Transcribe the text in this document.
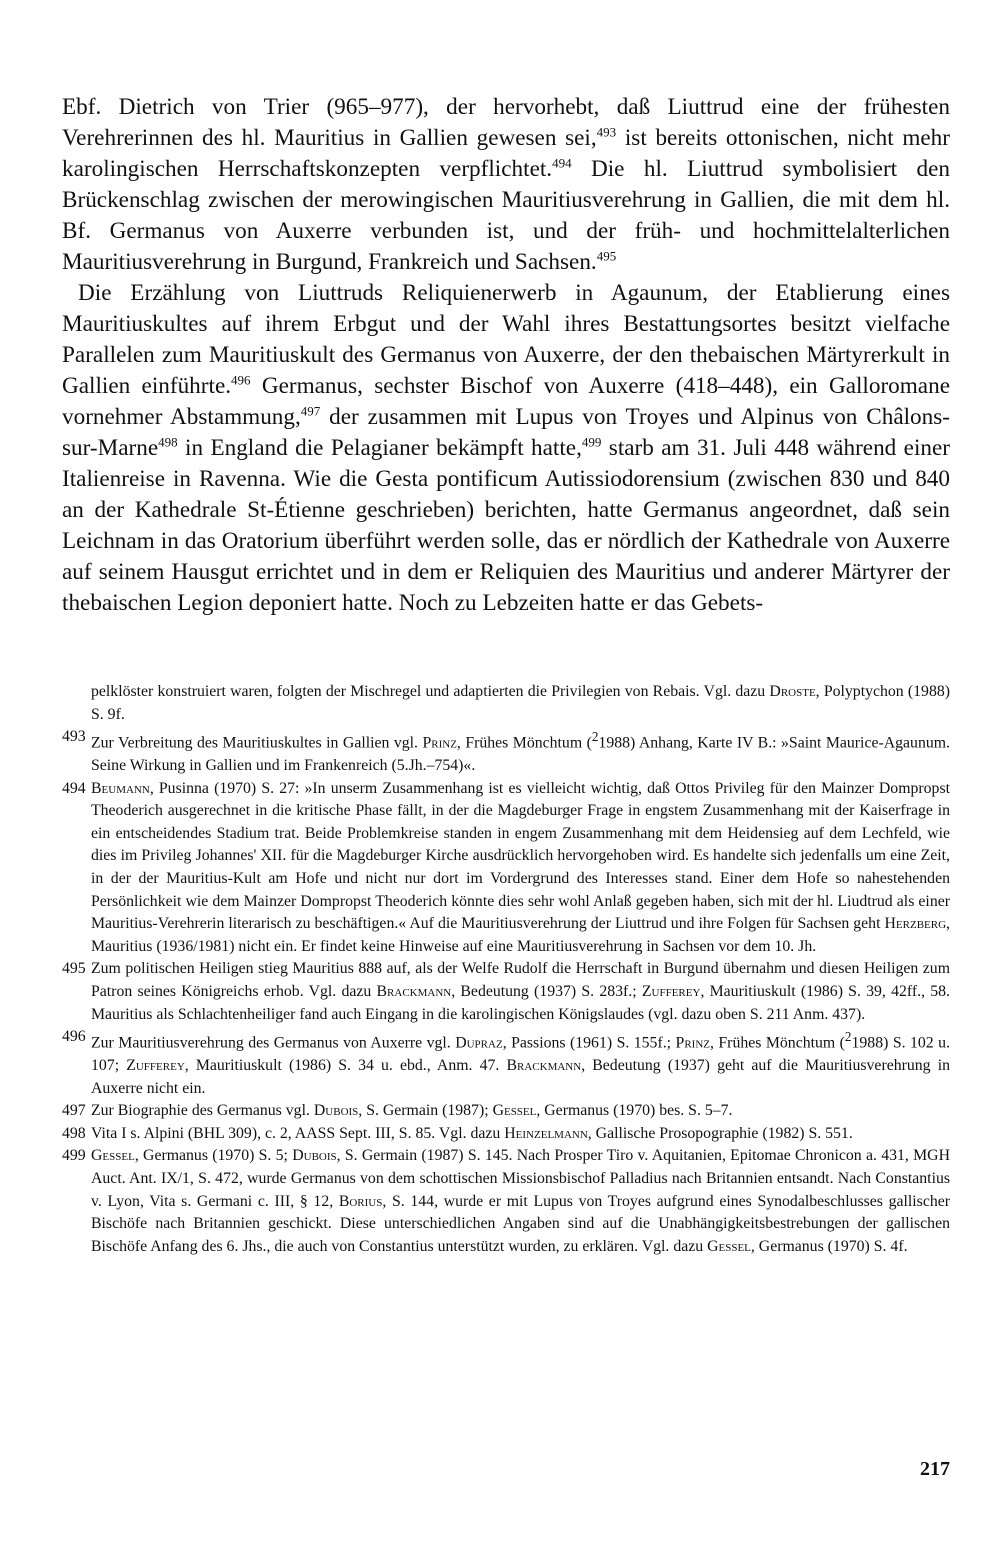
Ebf. Dietrich von Trier (965–977), der hervorhebt, daß Liuttrud eine der frühesten Verehrerinnen des hl. Mauritius in Gallien gewesen sei,$^{493}$ ist bereits ottonischen, nicht mehr karolingischen Herrschaftskonzepten verpflichtet.$^{494}$ Die hl. Liuttrud symbolisiert den Brückenschlag zwischen der merowingischen Mauritiusverehrung in Gallien, die mit dem hl. Bf. Germanus von Auxerre verbunden ist, und der früh- und hochmittelalterlichen Mauritiusverehrung in Burgund, Frankreich und Sachsen.$^{495}$

Die Erzählung von Liuttruds Reliquienerwerb in Agaunum, der Etablierung eines Mauritiuskultes auf ihrem Erbgut und der Wahl ihres Bestattungsortes besitzt vielfache Parallelen zum Mauritiuskult des Germanus von Auxerre, der den thebaischen Märtyrerkult in Gallien einführte.$^{496}$ Germanus, sechster Bischof von Auxerre (418–448), ein Galloromane vornehmer Abstammung,$^{497}$ der zusammen mit Lupus von Troyes und Alpinus von Châlons-sur-Marne$^{498}$ in England die Pelagianer bekämpft hatte,$^{499}$ starb am 31. Juli 448 während einer Italienreise in Ravenna. Wie die Gesta pontificum Autissiodorensium (zwischen 830 und 840 an der Kathedrale St-Étienne geschrieben) berichten, hatte Germanus angeordnet, daß sein Leichnam in das Oratorium überführt werden solle, das er nördlich der Kathedrale von Auxerre auf seinem Hausgut errichtet und in dem er Reliquien des Mauritius und anderer Märtyrer der thebaischen Legion deponiert hatte. Noch zu Lebzeiten hatte er das Gebets-

pelklöster konstruiert waren, folgten der Mischregel und adaptierten die Privilegien von Rebais. Vgl. dazu Droste, Polyptychon (1988) S. 9f.

493 Zur Verbreitung des Mauritiuskultes in Gallien vgl. Prinz, Frühes Mönchtum ($^2$1988) Anhang, Karte IV B.: »Saint Maurice-Agaunum. Seine Wirkung in Gallien und im Frankenreich (5.Jh.–754)«.

494 Beumann, Pusinna (1970) S. 27: »In unserm Zusammenhang ist es vielleicht wichtig, daß Ottos Privileg für den Mainzer Dompropst Theoderich ausgerechnet in die kritische Phase fällt, in der die Magdeburger Frage in engstem Zusammenhang mit der Kaiserfrage in ein entscheidendes Stadium trat. Beide Problemkreise standen in engem Zusammenhang mit dem Heidensieg auf dem Lechfeld, wie dies im Privileg Johannes' XII. für die Magdeburger Kirche ausdrücklich hervorgehoben wird. Es handelte sich jedenfalls um eine Zeit, in der der Mauritius-Kult am Hofe und nicht nur dort im Vordergrund des Interesses stand. Einer dem Hofe so nahestehenden Persönlichkeit wie dem Mainzer Dompropst Theoderich könnte dies sehr wohl Anlaß gegeben haben, sich mit der hl. Liudtrud als einer Mauritius-Verehrerin literarisch zu beschäftigen.« Auf die Mauritiusverehrung der Liuttrud und ihre Folgen für Sachsen geht Herzberg, Mauritius (1936/1981) nicht ein. Er findet keine Hinweise auf eine Mauritiusverehrung in Sachsen vor dem 10. Jh.

495 Zum politischen Heiligen stieg Mauritius 888 auf, als der Welfe Rudolf die Herrschaft in Burgund übernahm und diesen Heiligen zum Patron seines Königreichs erhob. Vgl. dazu Brackmann, Bedeutung (1937) S. 283f.; Zufferey, Mauritiuskult (1986) S. 39, 42ff., 58. Mauritius als Schlachtenheiliger fand auch Eingang in die karolingischen Königslaudes (vgl. dazu oben S. 211 Anm. 437).

496 Zur Mauritiusverehrung des Germanus von Auxerre vgl. Dupraz, Passions (1961) S. 155f.; Prinz, Frühes Mönchtum ($^2$1988) S. 102 u. 107; Zufferey, Mauritiuskult (1986) S. 34 u. ebd., Anm. 47. Brackmann, Bedeutung (1937) geht auf die Mauritiusverehrung in Auxerre nicht ein.

497 Zur Biographie des Germanus vgl. Dubois, S. Germain (1987); Gessel, Germanus (1970) bes. S. 5–7.

498 Vita I s. Alpini (BHL 309), c. 2, AASS Sept. III, S. 85. Vgl. dazu Heinzelmann, Gallische Prosopographie (1982) S. 551.

499 Gessel, Germanus (1970) S. 5; Dubois, S. Germain (1987) S. 145. Nach Prosper Tiro v. Aquitanien, Epitomae Chronicon a. 431, MGH Auct. Ant. IX/1, S. 472, wurde Germanus von dem schottischen Missionsbischof Palladius nach Britannien entsandt. Nach Constantius v. Lyon, Vita s. Germani c. III, § 12, Borius, S. 144, wurde er mit Lupus von Troyes aufgrund eines Synodalbeschlusses gallischer Bischöfe nach Britannien geschickt. Diese unterschiedlichen Angaben sind auf die Unabhängigkeitsbestrebungen der gallischen Bischöfe Anfang des 6. Jhs., die auch von Constantius unterstützt wurden, zu erklären. Vgl. dazu Gessel, Germanus (1970) S. 4f.

217
